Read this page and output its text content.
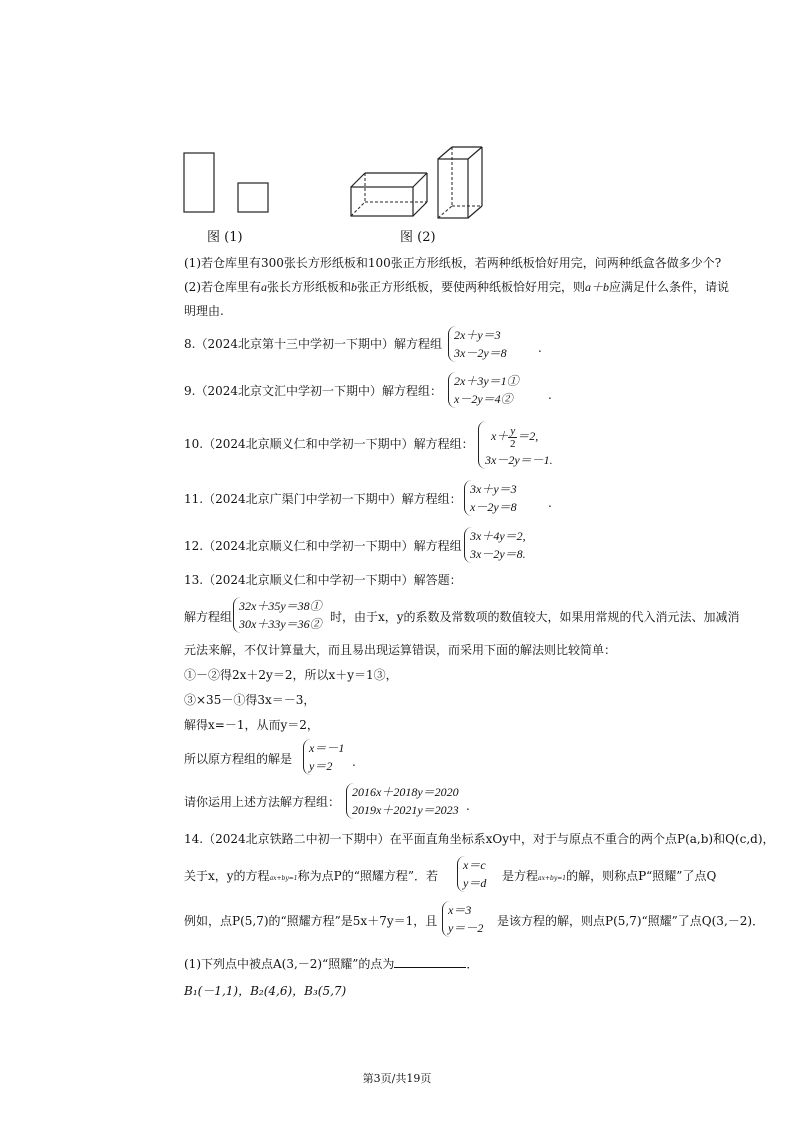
图 (1)	图 (2)
(1)若仓库里有300张长方形纸板和100张正方形纸板，若两种纸板恰好用完，问两种纸盒各做多少个?
(2)若仓库里有a张长方形纸板和b张正方形纸板，要使两种纸板恰好用完，则a＋b应满足什么条件，请说
明理由.
8.（2024北京第十三中学初一下期中）解方程组
2x＋y＝3
3x－2y＝8	.
9.（2024北京文汇中学初一下期中）解方程组：
2x＋3y＝1①
x－2y＝4②	.
10.（2024北京顺义仁和中学初一下期中）解方程组：
$x+ \frac{y}{2} =2$,
3x－2y＝－1.
11.（2024北京广渠门中学初一下期中）解方程组：
3x＋y＝3
x－2y＝8	.
12.（2024北京顺义仁和中学初一下期中）解方程组
3x＋4y＝2,
3x－2y＝8.
13.（2024北京顺义仁和中学初一下期中）解答题：
解方程组
32x＋35y＝38①
30x＋33y＝36② 时，由于x，y的系数及常数项的数值较大，如果用常规的代入消元法、加减消
元法来解，不仅计算量大，而且易出现运算错误，而采用下面的解法则比较简单：
①－②得2x＋2y＝2，所以x＋y＝1③，
③×35－①得3x＝－3，
解得x=－1，从而y＝2，
所以原方程组的解是
x＝－1
y＝2	.
请你运用上述方法解方程组：
2016x＋2018y＝2020
2019x＋2021y＝2023 .
14.（2024北京铁路二中初一下期中）在平面直角坐标系xOy中，对于与原点不重合的两个点P(a,b)和Q(c,d)，
关于x，y的方程ax+by=1称为点P的“照耀方程”．若
x＝c
y＝d 是方程ax+by=1的解，则称点P“照耀”了点Q
例如，点P(5,7)的“照耀方程”是5x＋7y＝1，且
x＝3
y＝－2 是该方程的解，则点P(5,7)“照耀”了点Q(3,－2)．
(1)下列点中被点A(3,－2)“照耀”的点为	．
B₁(－1,1)，B₂(4,6)，B₃(5,7)
第3页/共19页
